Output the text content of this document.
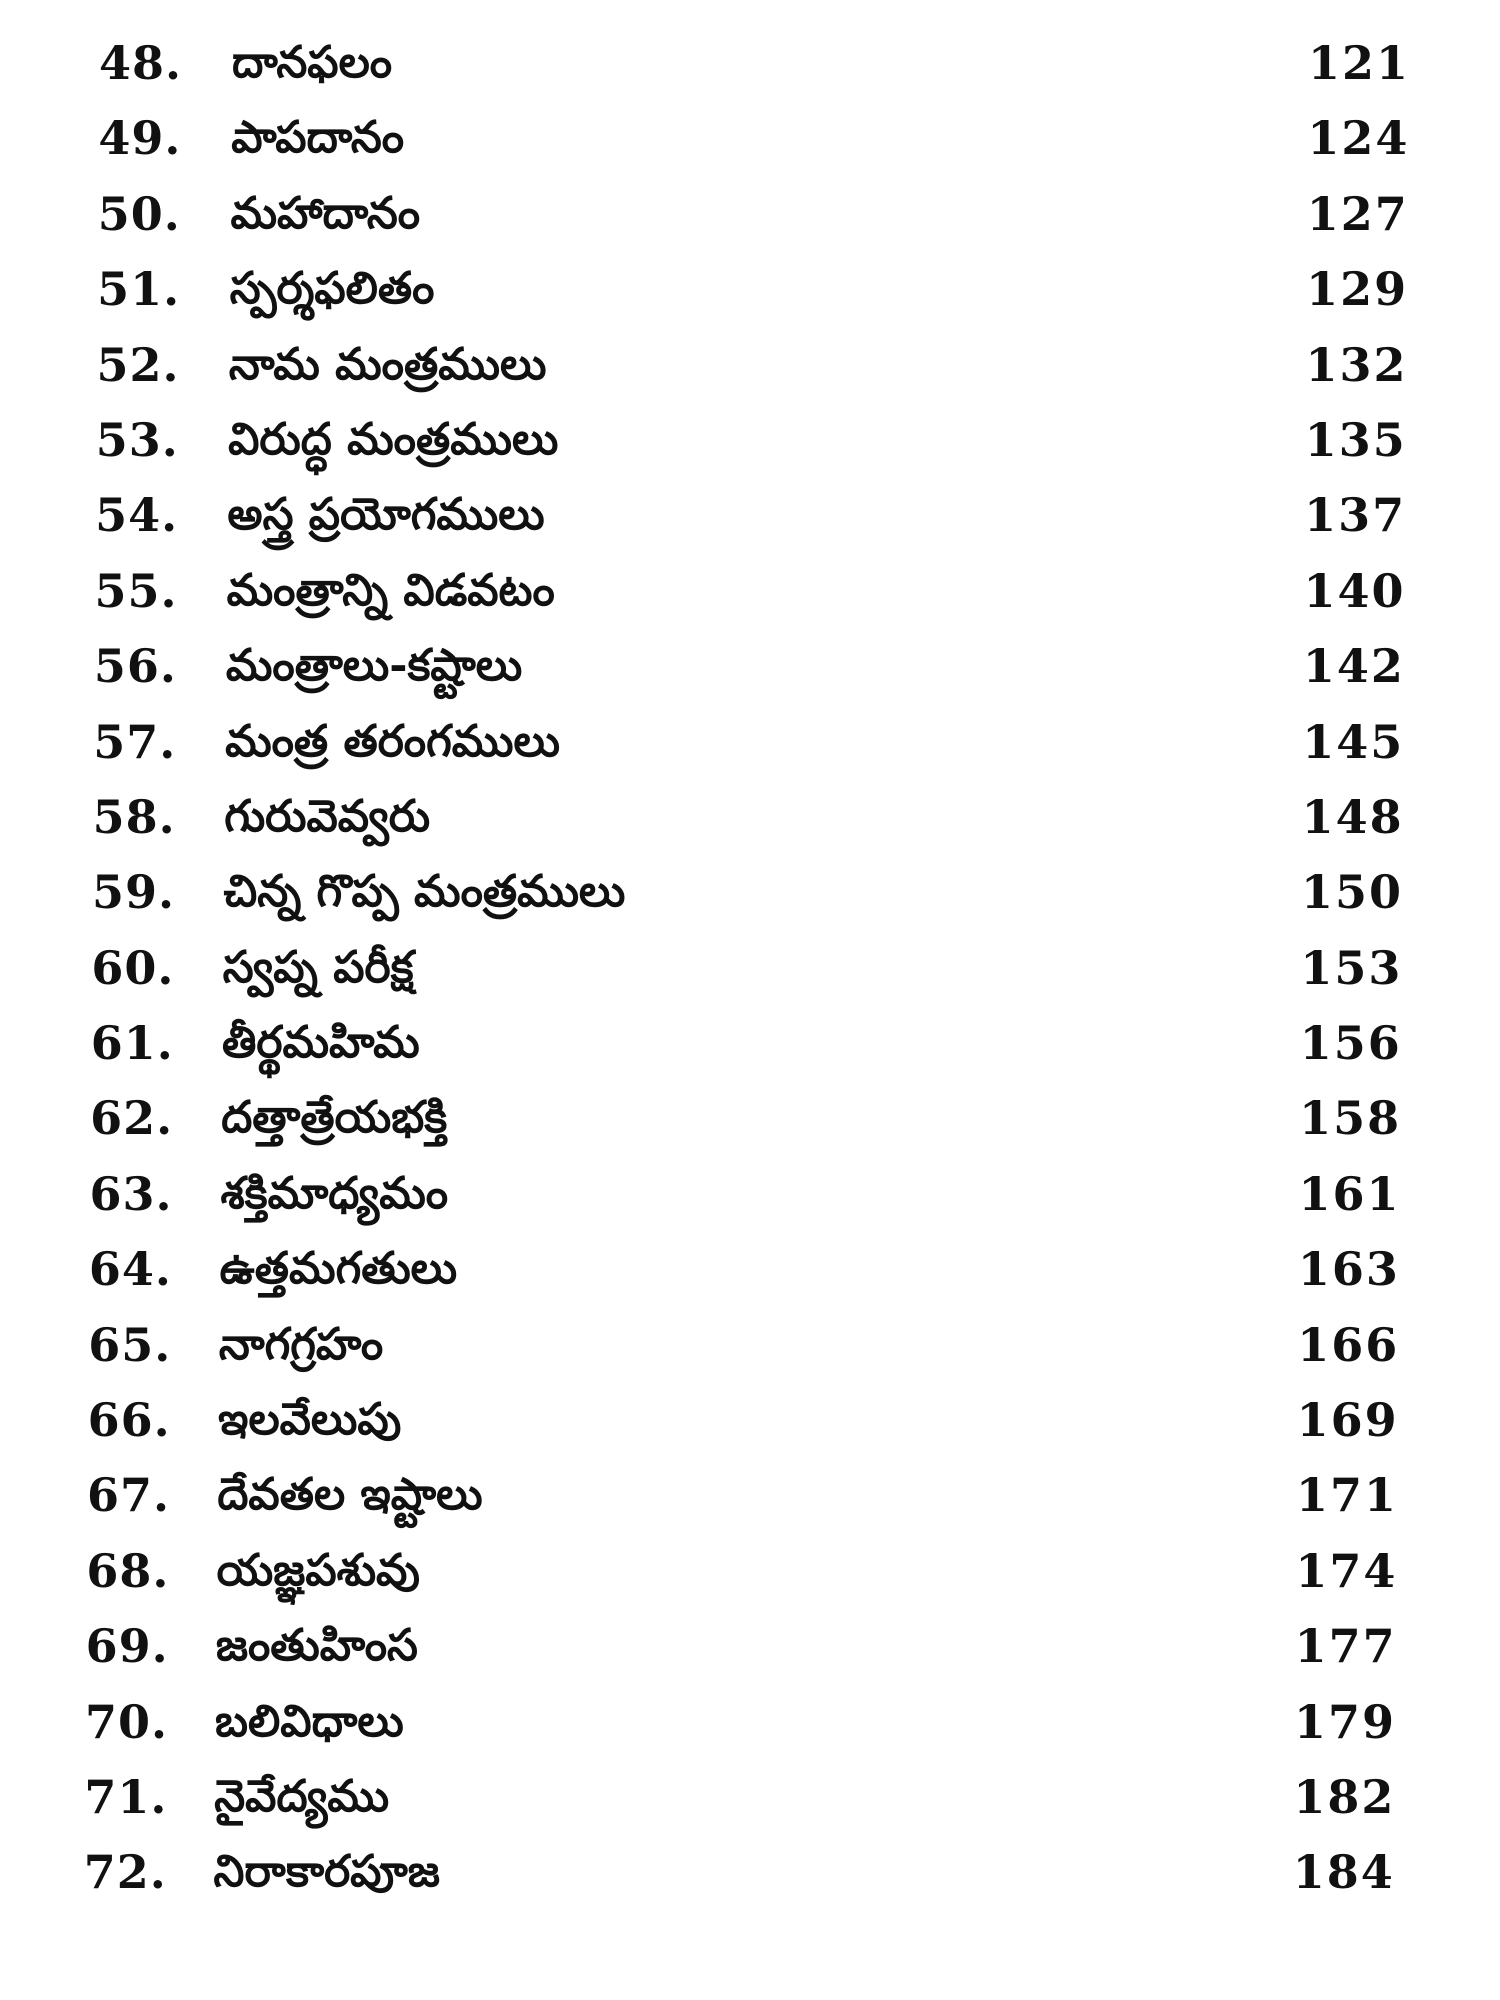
48. దానఫలం	121
49. పాపదానం	124
50. మహాదానం	127
51. స్పర్శఫలితం	129
52. నామ మంత్రములు	132
53. విరుద్ధ మంత్రములు	135
54. అస్త్ర ప్రయోగములు	137
55. మంత్రాన్ని విడవటం	140
56. మంత్రాలు-కష్టాలు	142
57. మంత్ర తరంగములు	145
58. గురువెవ్వరు	148
59. చిన్న గొప్ప మంత్రములు	150
60. స్వప్న పరీక్ష	153
61. తీర్థమహిమ	156
62. దత్తాత్రేయభక్తి	158
63. శక్తిమాధ్యమం	161
64. ఉత్తమగతులు	163
65. నాగగ్రహం	166
66. ఇలవేలుపు	169
67. దేవతల ఇష్టాలు	171
68. యజ్ఞపశువు	174
69. జంతుహింస	177
70. బలివిధాలు	179
71. నైవేద్యము	182
72. నిరాకారపూజ	184
